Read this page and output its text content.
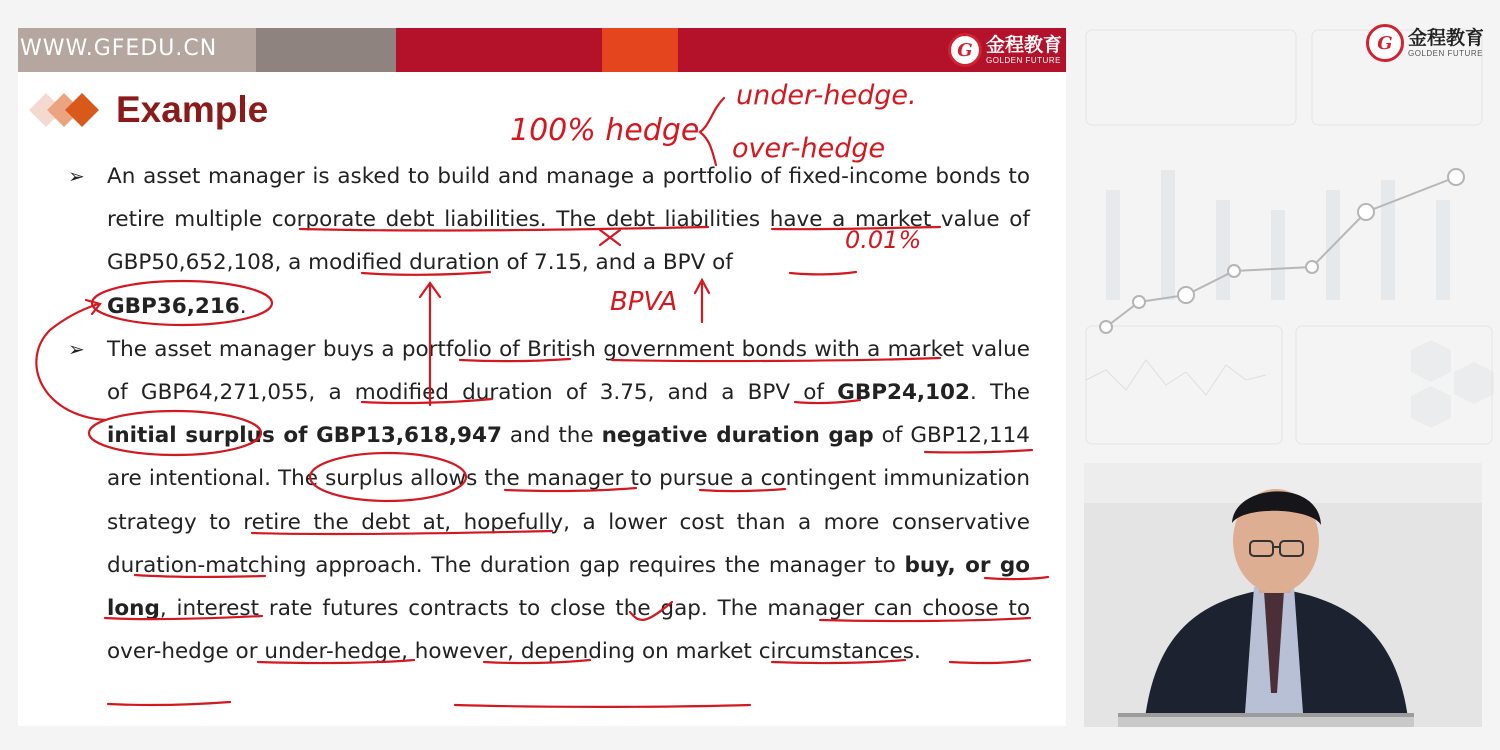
WWW.GFEDU.CN	G 金程教育
GOLDEN FUTURE
Example

➢ An asset manager is asked to build and manage a portfolio of fixed-income bonds to retire multiple corporate debt liabilities. The debt liabilities have a market value of GBP50,652,108, a modified duration of 7.15, and a BPV of
GBP36,216.

➢ The asset manager buys a portfolio of British government bonds with a market value of GBP64,271,055, a modified duration of 3.75, and a BPV of GBP24,102. The initial surplus of GBP13,618,947 and the negative duration gap of GBP12,114 are intentional. The surplus allows the manager to pursue a contingent immunization strategy to retire the debt at, hopefully, a lower cost than a more conservative duration-matching approach. The duration gap requires the manager to buy, or go long, interest rate futures contracts to close the gap. The manager can choose to over-hedge or under-hedge, however, depending on market circumstances.

G 金程教育
GOLDEN FUTURE
100% hedge
under-hedge.
over-hedge
0.01%
BPVA
